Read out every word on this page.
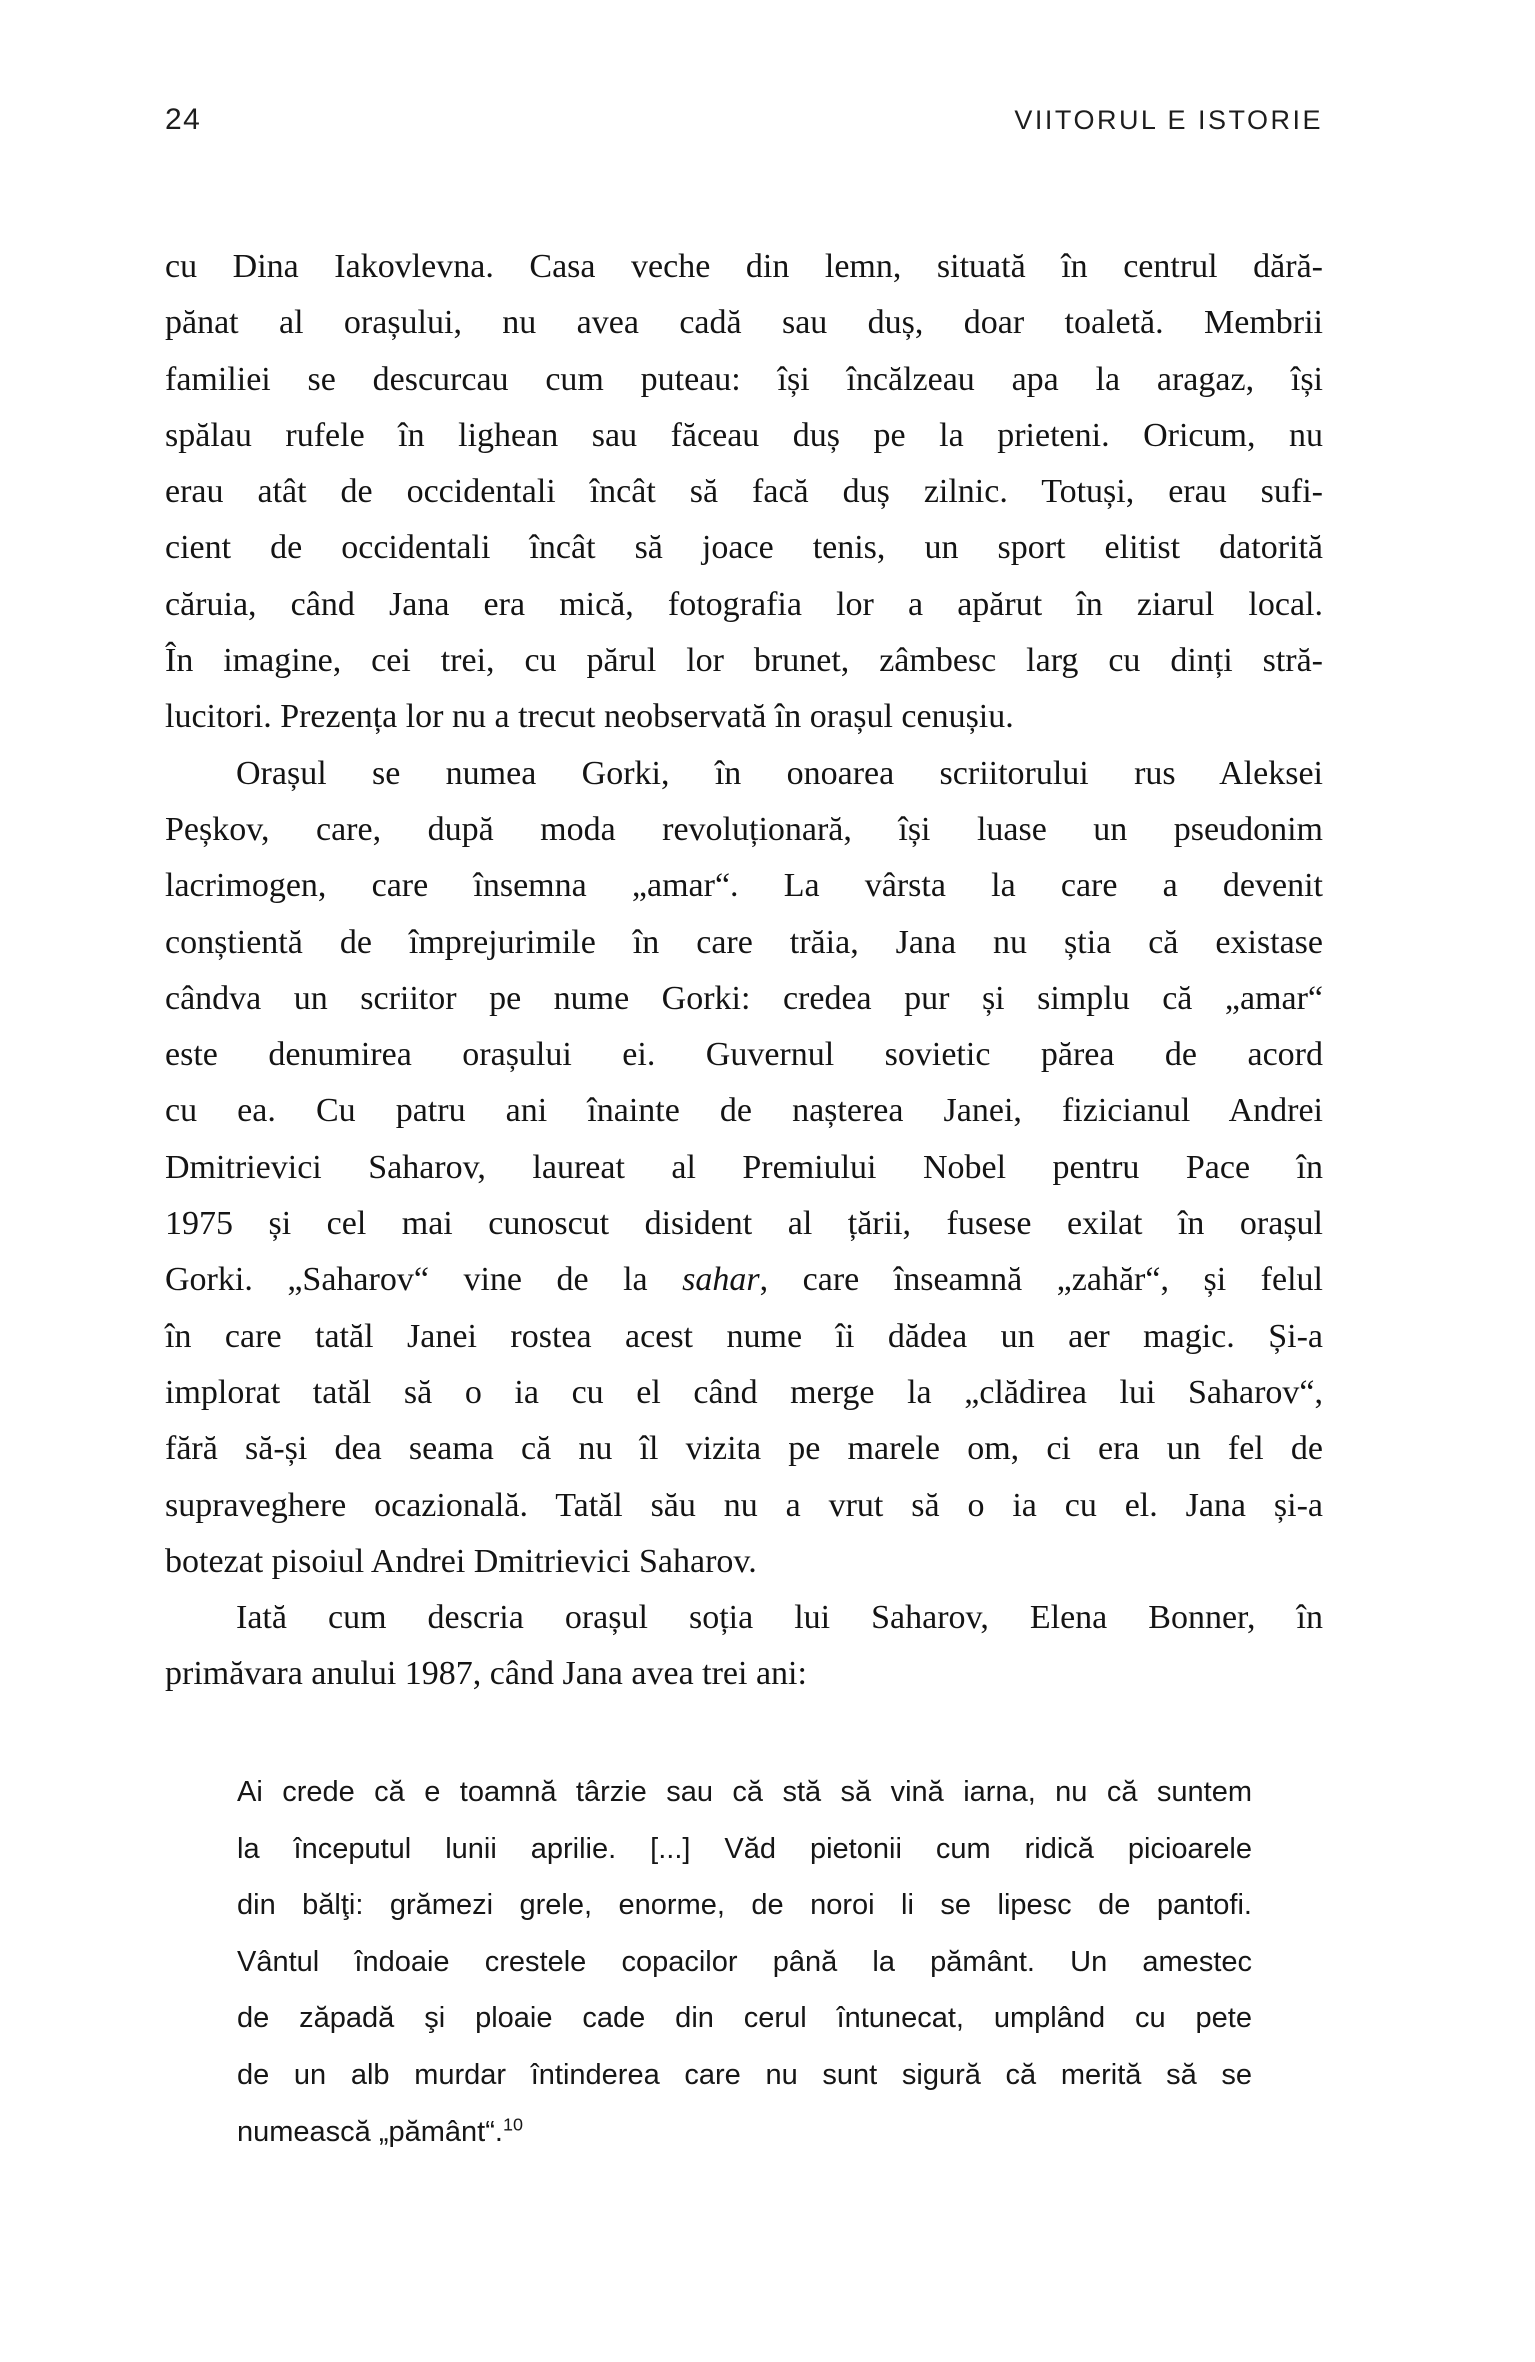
24	VIITORUL E ISTORIE
cu Dina Iakovlevna. Casa veche din lemn, situată în centrul dără-
pănat al orașului, nu avea cadă sau duș, doar toaletă. Membrii
familiei se descurcau cum puteau: își încălzeau apa la aragaz, își
spălau rufele în lighean sau făceau duș pe la prieteni. Oricum, nu
erau atât de occidentali încât să facă duș zilnic. Totuși, erau sufi-
cient de occidentali încât să joace tenis, un sport elitist datorită
căruia, când Jana era mică, fotografia lor a apărut în ziarul local.
În imagine, cei trei, cu părul lor brunet, zâmbesc larg cu dinți stră-
lucitori. Prezența lor nu a trecut neobservată în orașul cenușiu.
Orașul se numea Gorki, în onoarea scriitorului rus Aleksei
Peșkov, care, după moda revoluționară, își luase un pseudonim
lacrimogen, care însemna „amar“. La vârsta la care a devenit
conștientă de împrejurimile în care trăia, Jana nu știa că existase
cândva un scriitor pe nume Gorki: credea pur și simplu că „amar“
este denumirea orașului ei. Guvernul sovietic părea de acord
cu ea. Cu patru ani înainte de nașterea Janei, fizicianul Andrei
Dmitrievici Saharov, laureat al Premiului Nobel pentru Pace în
1975 și cel mai cunoscut disident al țării, fusese exilat în orașul
Gorki. „Saharov“ vine de la sahar, care înseamnă „zahăr“, și felul
în care tatăl Janei rostea acest nume îi dădea un aer magic. Și-a
implorat tatăl să o ia cu el când merge la „clădirea lui Saharov“,
fără să-și dea seama că nu îl vizita pe marele om, ci era un fel de
supraveghere ocazională. Tatăl său nu a vrut să o ia cu el. Jana și-a
botezat pisoiul Andrei Dmitrievici Saharov.
Iată cum descria orașul soția lui Saharov, Elena Bonner, în
primăvara anului 1987, când Jana avea trei ani:
Ai crede că e toamnă târzie sau că stă să vină iarna, nu că suntem
la începutul lunii aprilie. [...] Văd pietonii cum ridică picioarele
din bălţi: grămezi grele, enorme, de noroi li se lipesc de pantofi.
Vântul îndoaie crestele copacilor până la pământ. Un amestec
de zăpadă şi ploaie cade din cerul întunecat, umplând cu pete
de un alb murdar întinderea care nu sunt sigură că merită să se
numească „pământ“.$^{10}$
